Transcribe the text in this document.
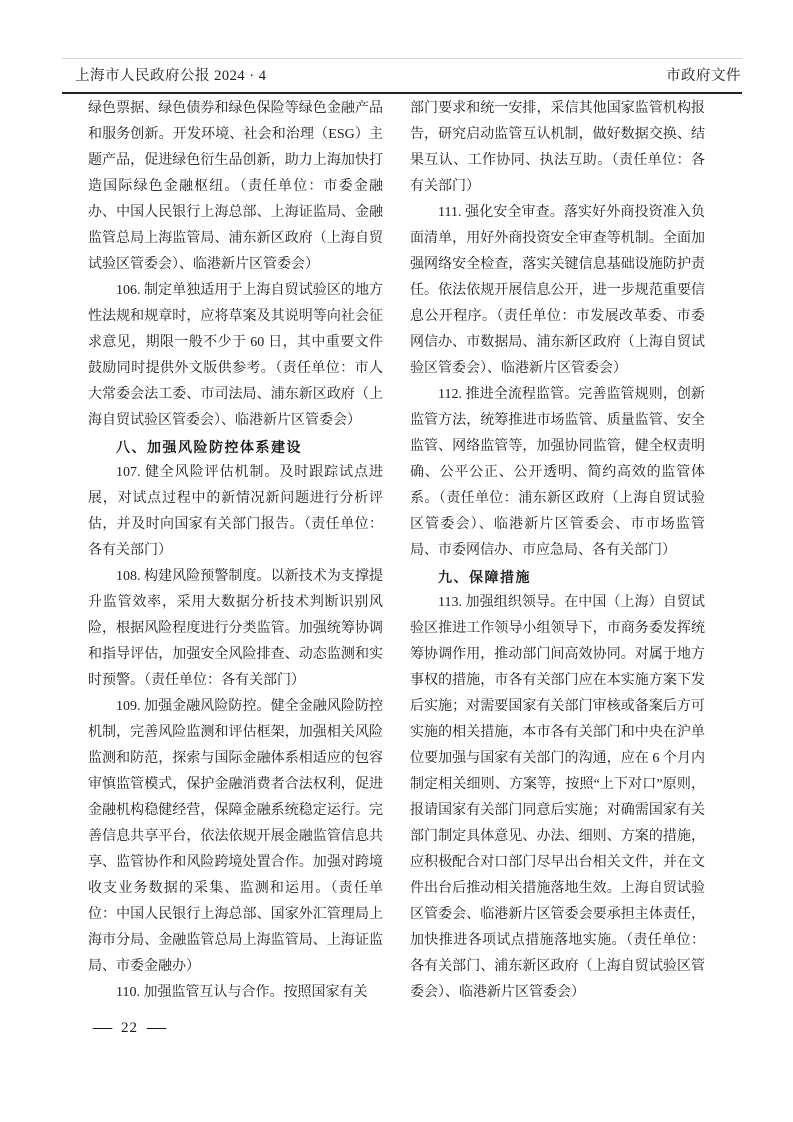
上海市人民政府公报 2024 · 4	市政府文件

绿色票据、绿色债券和绿色保险等绿色金融产品和服务创新。开发环境、社会和治理（ESG）主题产品，促进绿色衍生品创新，助力上海加快打造国际绿色金融枢纽。（责任单位：市委金融办、中国人民银行上海总部、上海证监局、金融监管总局上海监管局、浦东新区政府（上海自贸试验区管委会）、临港新片区管委会）

106. 制定单独适用于上海自贸试验区的地方性法规和规章时，应将草案及其说明等向社会征求意见，期限一般不少于 60 日，其中重要文件鼓励同时提供外文版供参考。（责任单位：市人大常委会法工委、市司法局、浦东新区政府（上海自贸试验区管委会）、临港新片区管委会）

八、加强风险防控体系建设

107. 健全风险评估机制。及时跟踪试点进展，对试点过程中的新情况新问题进行分析评估，并及时向国家有关部门报告。（责任单位：各有关部门）

108. 构建风险预警制度。以新技术为支撑提升监管效率，采用大数据分析技术判断识别风险，根据风险程度进行分类监管。加强统筹协调和指导评估，加强安全风险排查、动态监测和实时预警。（责任单位：各有关部门）

109. 加强金融风险防控。健全金融风险防控机制，完善风险监测和评估框架，加强相关风险监测和防范，探索与国际金融体系相适应的包容审慎监管模式，保护金融消费者合法权利，促进金融机构稳健经营，保障金融系统稳定运行。完善信息共享平台，依法依规开展金融监管信息共享、监管协作和风险跨境处置合作。加强对跨境收支业务数据的采集、监测和运用。（责任单位：中国人民银行上海总部、国家外汇管理局上海市分局、金融监管总局上海监管局、上海证监局、市委金融办）

110. 加强监管互认与合作。按照国家有关

部门要求和统一安排，采信其他国家监管机构报告，研究启动监管互认机制，做好数据交换、结果互认、工作协同、执法互助。（责任单位：各有关部门）

111. 强化安全审查。落实好外商投资准入负面清单，用好外商投资安全审查等机制。全面加强网络安全检查，落实关键信息基础设施防护责任。依法依规开展信息公开，进一步规范重要信息公开程序。（责任单位：市发展改革委、市委网信办、市数据局、浦东新区政府（上海自贸试验区管委会）、临港新片区管委会）

112. 推进全流程监管。完善监管规则，创新监管方法，统筹推进市场监管、质量监管、安全监管、网络监管等，加强协同监管，健全权责明确、公平公正、公开透明、简约高效的监管体系。（责任单位：浦东新区政府（上海自贸试验区管委会）、临港新片区管委会、市市场监管局、市委网信办、市应急局、各有关部门）

九、保障措施

113. 加强组织领导。在中国（上海）自贸试验区推进工作领导小组领导下，市商务委发挥统筹协调作用，推动部门间高效协同。对属于地方事权的措施，市各有关部门应在本实施方案下发后实施；对需要国家有关部门审核或备案后方可实施的相关措施，本市各有关部门和中央在沪单位要加强与国家有关部门的沟通，应在 6 个月内制定相关细则、方案等，按照“上下对口”原则，报请国家有关部门同意后实施；对确需国家有关部门制定具体意见、办法、细则、方案的措施，应积极配合对口部门尽早出台相关文件，并在文件出台后推动相关措施落地生效。上海自贸试验区管委会、临港新片区管委会要承担主体责任，加快推进各项试点措施落地实施。（责任单位：各有关部门、浦东新区政府（上海自贸试验区管委会）、临港新片区管委会）

— 22 —
